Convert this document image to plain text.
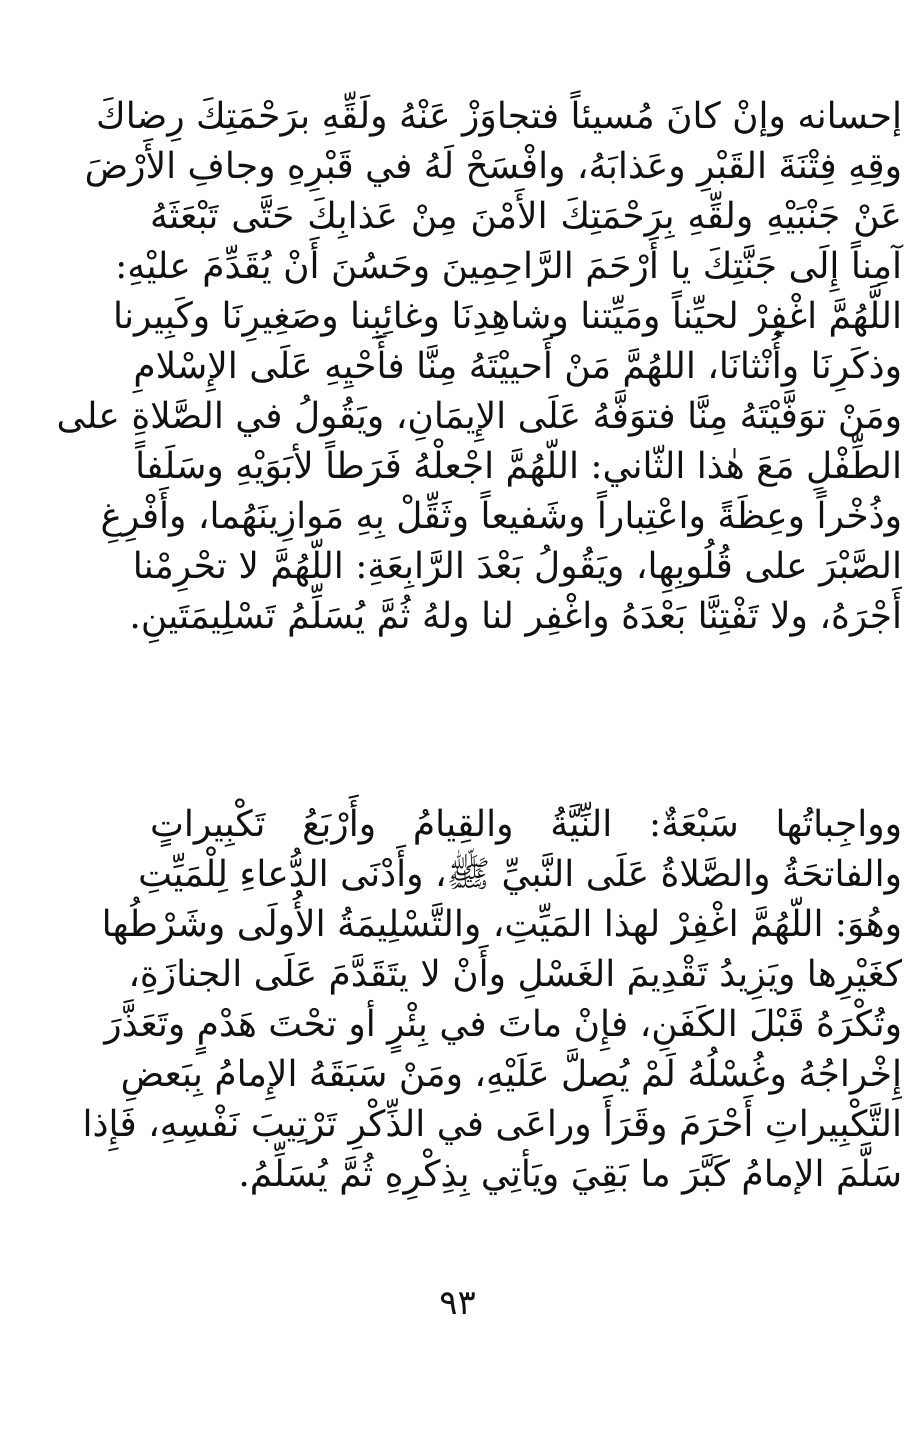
إحسانه وإنْ كانَ مُسيئاً فتجاوَزْ عَنْهُ ولَقِّهِ برَحْمَتِكَ رِضاكَ
وقِهِ فِتْنَةَ القَبْرِ وعَذابَهُ، وافْسَحْ لَهُ في قَبْرِهِ وجافِ الأَرْضَ
عَنْ جَنْبَيْهِ ولقِّهِ بِرَحْمَتِكَ الأَمْنَ مِنْ عَذابِكَ حَتَّى تَبْعَثَهُ
آمِناً إِلَى جَنَّتِكَ يا أَرْحَمَ الرَّاحِمِينَ وحَسُنَ أَنْ يُقَدِّمَ عليْهِ:
اللَّهُمَّ اغْفِرْ لحيِّناً ومَيِّتنا وشاهِدِنَا وغائِبِنا وصَغِيرِنَا وكَبِيرنا
وذكَرِنَا وأُنْثانَا، اللهُمَّ مَنْ أَحييْتَهُ مِنَّا فأَحْيِهِ عَلَى الإِسْلامِ
ومَنْ توَفَّيْتَهُ مِنَّا فتوَفَّهُ عَلَى الإِيمَانِ، ويَقُولُ في الصَّلاةِ على
الطِّفْلِ مَعَ هٰذا الثّاني: اللّهُمَّ اجْعلْهُ فَرَطاً لأبَوَيْهِ وسَلَفاً
وذُخْراً وعِظَةً واعْتِباراً وشَفيعاً وثَقِّلْ بِهِ مَوازِينَهُما، وأَفْرِغِ
الصَّبْرَ على قُلُوبِهِا، ويَقُولُ بَعْدَ الرَّابِعَةِ: اللّهُمَّ لا تحْرِمْنا
أَجْرَهُ، ولا تَفْتِنَّا بَعْدَهُ واغْفِر لنا ولهُ ثُمَّ يُسَلِّمُ تَسْلِيمَتَينِ.
وواجِباتُها سَبْعَةٌ: النِّيَّةُ والقِيامُ وأَرْبَعُ تَكْبِيراتٍ
والفاتحَةُ والصَّلاةُ عَلَى النَّبيِّ ﷺ، وأَدْنَى الدُّعاءِ لِلْمَيِّتِ
وهُوَ: اللّهُمَّ اغْفِرْ لهذا المَيِّتِ، والتَّسْلِيمَةُ الأُولَى وشَرْطُها
كغَيْرِها ويَزِيدُ تَقْدِيمَ الغَسْلِ وأَنْ لا يتَقَدَّمَ عَلَى الجنازَةِ،
وتُكْرَهُ قَبْلَ الكَفَنِ، فإِنْ ماتَ في بِئْرٍ أو تحْتَ هَدْمٍ وتَعَذَّرَ
إِخْراجُهُ وغُسْلُهُ لَمْ يُصلَّ عَلَيْهِ، ومَنْ سَبَقَهُ الإِمامُ بِبَعضِ
التَّكْبِيراتِ أَحْرَمَ وقَرَأَ وراعَى في الذِّكْرِ تَرْتِيبَ نَفْسِهِ، فَإِذا
سَلَّمَ الإمامُ كَبَّرَ ما بَقِيَ ويَأتِي بِذِكْرِهِ ثُمَّ يُسَلِّمُ.
٩٣
